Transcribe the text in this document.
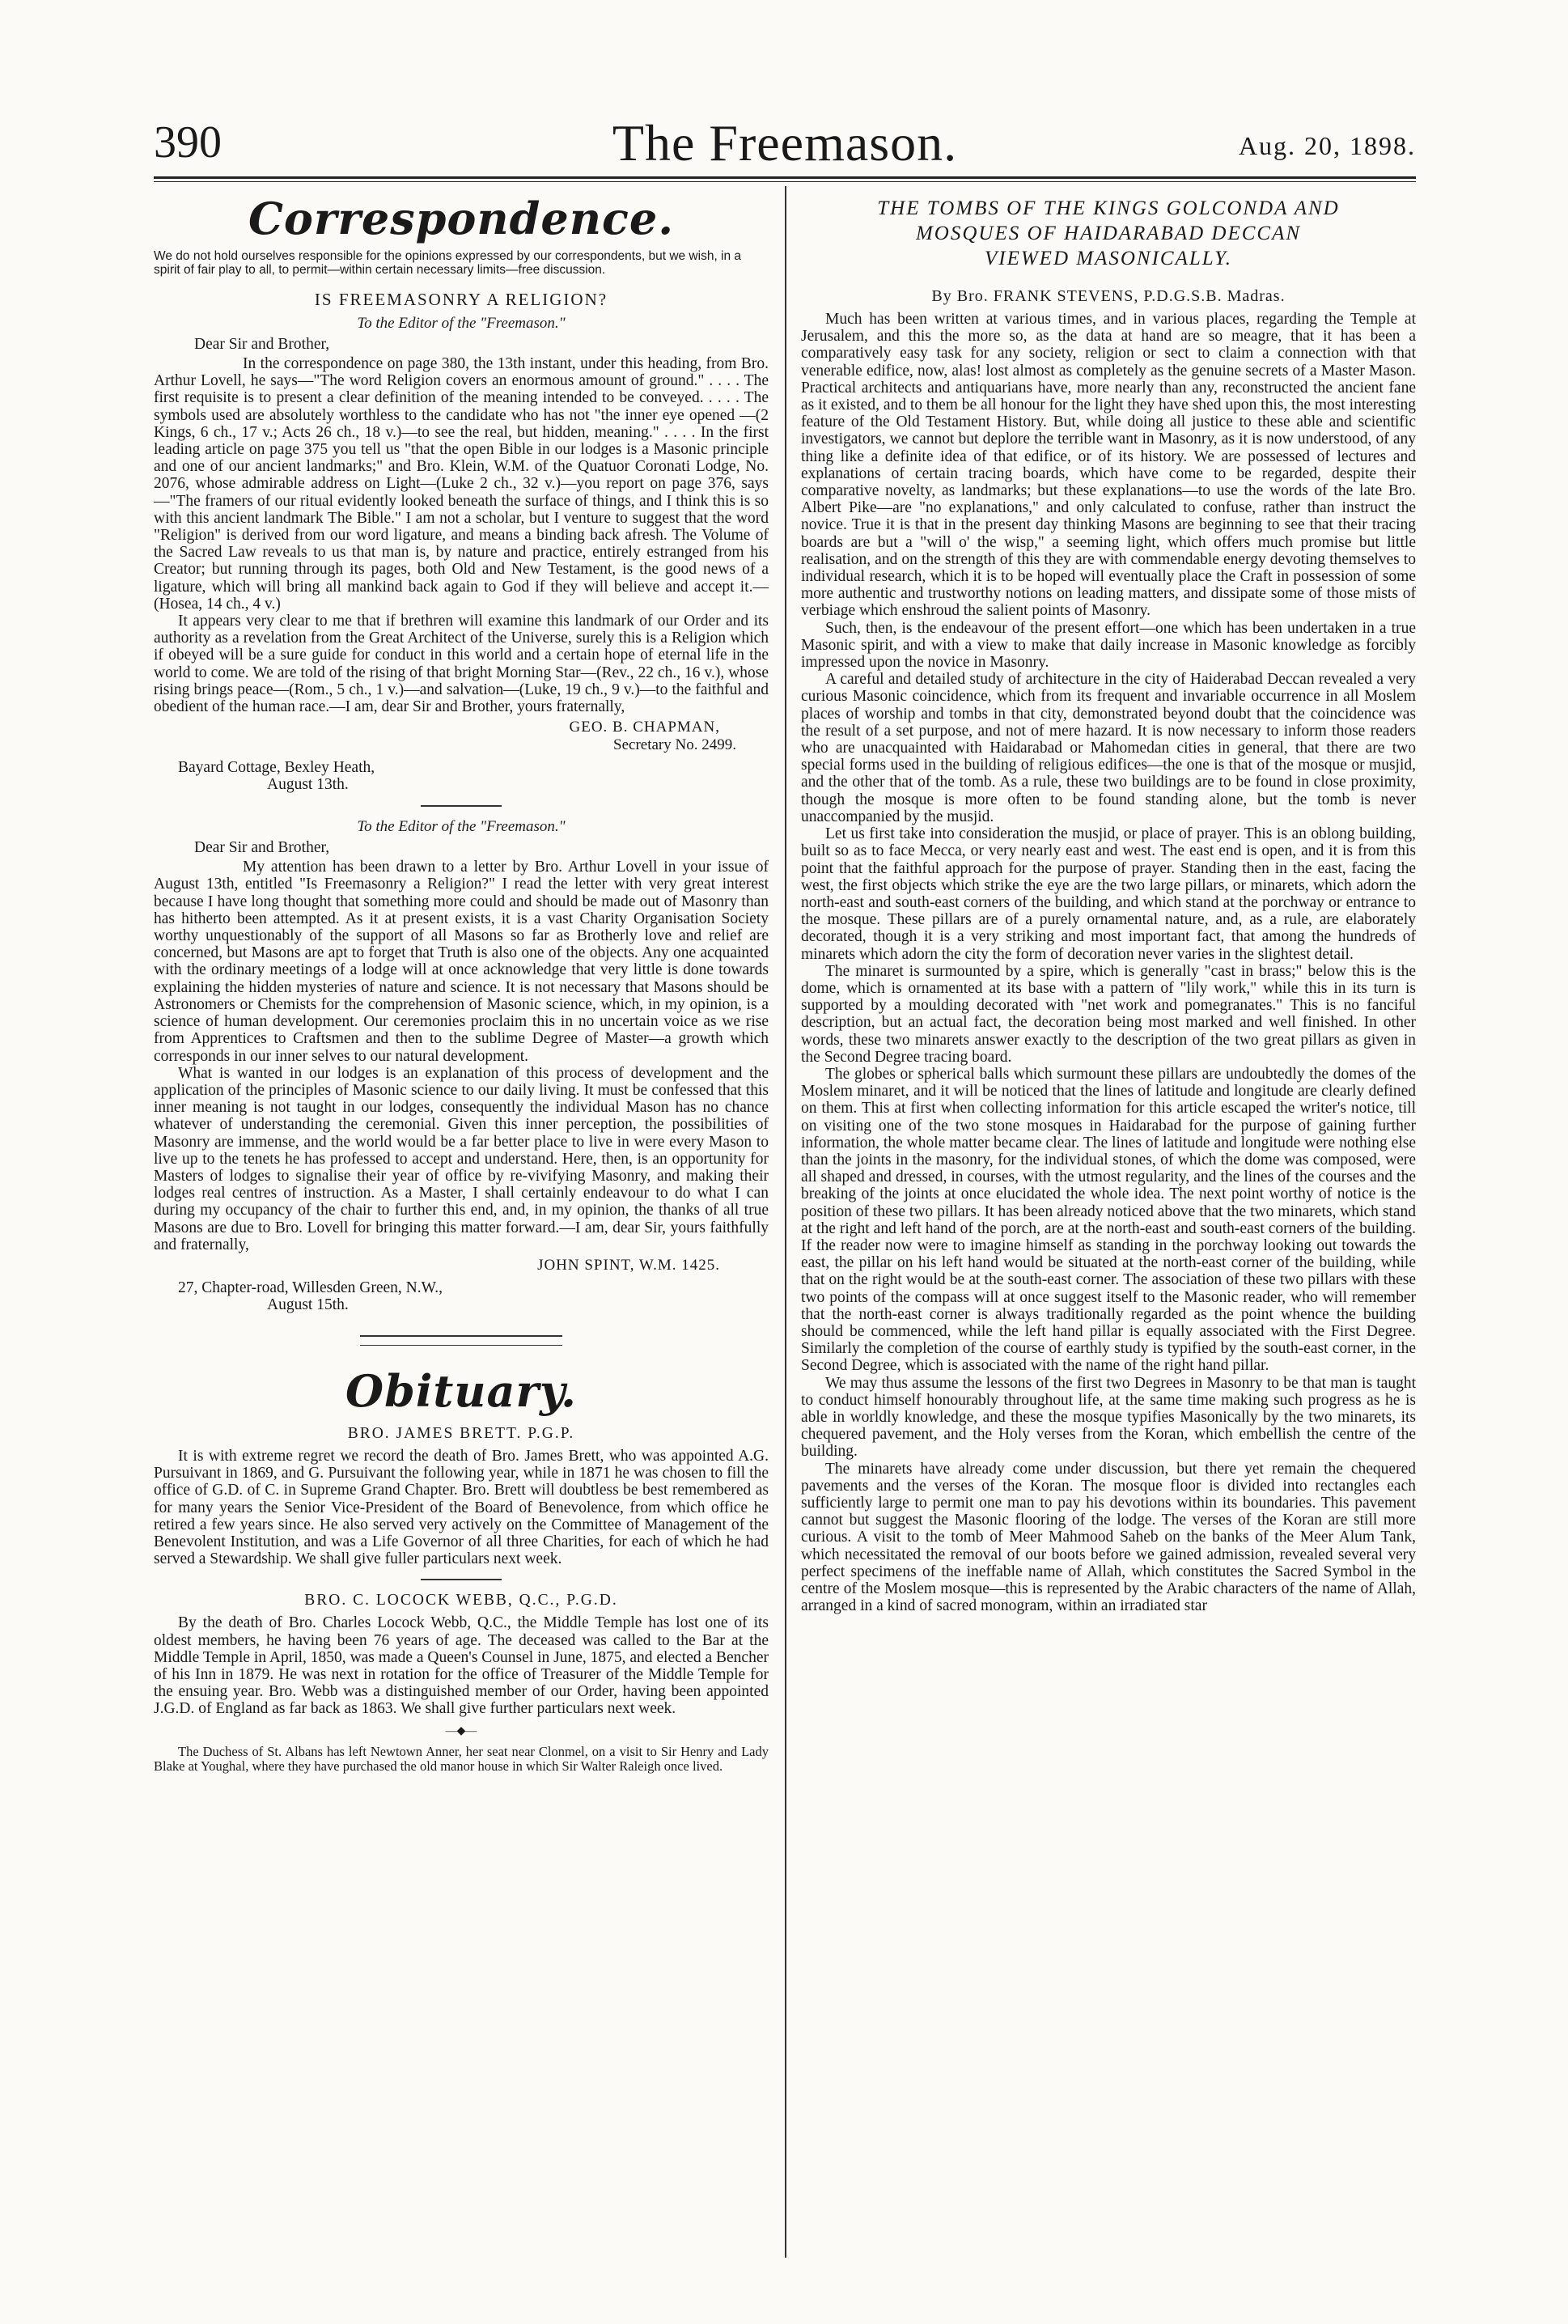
The Freemason.
390	Aug. 20, 1898.
Correspondence.
We do not hold ourselves responsible for the opinions expressed by our correspondents, but we wish, in a spirit of fair play to all, to permit—within certain necessary limits—free discussion.
IS FREEMASONRY A RELIGION?
To the Editor of the "Freemason."
Dear Sir and Brother,

In the correspondence on page 380, the 13th instant, under this heading, from Bro. Arthur Lovell, he says—"The word Religion covers an enormous amount of ground." . . . . The first requisite is to present a clear definition of the meaning intended to be conveyed. . . . . The symbols used are absolutely worthless to the candidate who has not "the inner eye opened —(2 Kings, 6 ch., 17 v.; Acts 26 ch., 18 v.)—to see the real, but hidden, meaning." . . . . In the first leading article on page 375 you tell us "that the open Bible in our lodges is a Masonic principle and one of our ancient landmarks;" and Bro. Klein, W.M. of the Quatuor Coronati Lodge, No. 2076, whose admirable address on Light—(Luke 2 ch., 32 v.)—you report on page 376, says—"The framers of our ritual evidently looked beneath the surface of things, and I think this is so with this ancient landmark The Bible." I am not a scholar, but I venture to suggest that the word "Religion" is derived from our word ligature, and means a binding back afresh. The Volume of the Sacred Law reveals to us that man is, by nature and practice, entirely estranged from his Creator; but running through its pages, both Old and New Testament, is the good news of a ligature, which will bring all mankind back again to God if they will believe and accept it.—(Hosea, 14 ch., 4 v.)

It appears very clear to me that if brethren will examine this landmark of our Order and its authority as a revelation from the Great Architect of the Universe, surely this is a Religion which if obeyed will be a sure guide for conduct in this world and a certain hope of eternal life in the world to come. We are told of the rising of that bright Morning Star—(Rev., 22 ch., 16 v.), whose rising brings peace—(Rom., 5 ch., 1 v.)—and salvation—(Luke, 19 ch., 9 v.)—to the faithful and obedient of the human race.—I am, dear Sir and Brother, yours fraternally,

GEO. B. CHAPMAN,
Secretary No. 2499.
Bayard Cottage, Bexley Heath,
August 13th.
To the Editor of the "Freemason."
Dear Sir and Brother,

My attention has been drawn to a letter by Bro. Arthur Lovell in your issue of August 13th, entitled "Is Freemasonry a Religion?" I read the letter with very great interest because I have long thought that something more could and should be made out of Masonry than has hitherto been attempted. As it at present exists, it is a vast Charity Organisation Society worthy unquestionably of the support of all Masons so far as Brotherly love and relief are concerned, but Masons are apt to forget that Truth is also one of the objects. Any one acquainted with the ordinary meetings of a lodge will at once acknowledge that very little is done towards explaining the hidden mysteries of nature and science. It is not necessary that Masons should be Astronomers or Chemists for the comprehension of Masonic science, which, in my opinion, is a science of human development. Our ceremonies proclaim this in no uncertain voice as we rise from Apprentices to Craftsmen and then to the sublime Degree of Master—a growth which corresponds in our inner selves to our natural development.

What is wanted in our lodges is an explanation of this process of development and the application of the principles of Masonic science to our daily living. It must be confessed that this inner meaning is not taught in our lodges, consequently the individual Mason has no chance whatever of understanding the ceremonial. Given this inner perception, the possibilities of Masonry are immense, and the world would be a far better place to live in were every Mason to live up to the tenets he has professed to accept and understand. Here, then, is an opportunity for Masters of lodges to signalise their year of office by re-vivifying Masonry, and making their lodges real centres of instruction. As a Master, I shall certainly endeavour to do what I can during my occupancy of the chair to further this end, and, in my opinion, the thanks of all true Masons are due to Bro. Lovell for bringing this matter forward.—I am, dear Sir, yours faithfully and fraternally,

JOHN SPINT, W.M. 1425.
27, Chapter-road, Willesden Green, N.W.,
August 15th.
Obituary.
BRO. JAMES BRETT. P.G.P.

It is with extreme regret we record the death of Bro. James Brett, who was appointed A.G. Pursuivant in 1869, and G. Pursuivant the following year, while in 1871 he was chosen to fill the office of G.D. of C. in Supreme Grand Chapter. Bro. Brett will doubtless be best remembered as for many years the Senior Vice-President of the Board of Benevolence, from which office he retired a few years since. He also served very actively on the Committee of Management of the Benevolent Institution, and was a Life Governor of all three Charities, for each of which he had served a Stewardship. We shall give fuller particulars next week.

BRO. C. LOCOCK WEBB, Q.C., P.G.D.

By the death of Bro. Charles Locock Webb, Q.C., the Middle Temple has lost one of its oldest members, he having been 76 years of age. The deceased was called to the Bar at the Middle Temple in April, 1850, was made a Queen's Counsel in June, 1875, and elected a Bencher of his Inn in 1879. He was next in rotation for the office of Treasurer of the Middle Temple for the ensuing year. Bro. Webb was a distinguished member of our Order, having been appointed J.G.D. of England as far back as 1863. We shall give further particulars next week.

—◆—

The Duchess of St. Albans has left Newtown Anner, her seat near Clonmel, on a visit to Sir Henry and Lady Blake at Youghal, where they have purchased the old manor house in which Sir Walter Raleigh once lived.

THE TOMBS OF THE KINGS GOLCONDA AND
MOSQUES OF HAIDARABAD DECCAN
VIEWED MASONICALLY.
By Bro. FRANK STEVENS, P.D.G.S.B. Madras.

Much has been written at various times, and in various places, regarding the Temple at Jerusalem, and this the more so, as the data at hand are so meagre, that it has been a comparatively easy task for any society, religion or sect to claim a connection with that venerable edifice, now, alas! lost almost as completely as the genuine secrets of a Master Mason. Practical architects and antiquarians have, more nearly than any, reconstructed the ancient fane as it existed, and to them be all honour for the light they have shed upon this, the most interesting feature of the Old Testament History. But, while doing all justice to these able and scientific investigators, we cannot but deplore the terrible want in Masonry, as it is now understood, of any thing like a definite idea of that edifice, or of its history. We are possessed of lectures and explanations of certain tracing boards, which have come to be regarded, despite their comparative novelty, as landmarks; but these explanations—to use the words of the late Bro. Albert Pike—are "no explanations," and only calculated to confuse, rather than instruct the novice. True it is that in the present day thinking Masons are beginning to see that their tracing boards are but a "will o' the wisp," a seeming light, which offers much promise but little realisation, and on the strength of this they are with commendable energy devoting themselves to individual research, which it is to be hoped will eventually place the Craft in possession of some more authentic and trustworthy notions on leading matters, and dissipate some of those mists of verbiage which enshroud the salient points of Masonry.

Such, then, is the endeavour of the present effort—one which has been undertaken in a true Masonic spirit, and with a view to make that daily increase in Masonic knowledge as forcibly impressed upon the novice in Masonry.

A careful and detailed study of architecture in the city of Haiderabad Deccan revealed a very curious Masonic coincidence, which from its frequent and invariable occurrence in all Moslem places of worship and tombs in that city, demonstrated beyond doubt that the coincidence was the result of a set purpose, and not of mere hazard. It is now necessary to inform those readers who are unacquainted with Haidarabad or Mahomedan cities in general, that there are two special forms used in the building of religious edifices—the one is that of the mosque or musjid, and the other that of the tomb. As a rule, these two buildings are to be found in close proximity, though the mosque is more often to be found standing alone, but the tomb is never unaccompanied by the musjid.

Let us first take into consideration the musjid, or place of prayer. This is an oblong building, built so as to face Mecca, or very nearly east and west. The east end is open, and it is from this point that the faithful approach for the purpose of prayer. Standing then in the east, facing the west, the first objects which strike the eye are the two large pillars, or minarets, which adorn the north-east and south-east corners of the building, and which stand at the porchway or entrance to the mosque. These pillars are of a purely ornamental nature, and, as a rule, are elaborately decorated, though it is a very striking and most important fact, that among the hundreds of minarets which adorn the city the form of decoration never varies in the slightest detail.

The minaret is surmounted by a spire, which is generally "cast in brass;" below this is the dome, which is ornamented at its base with a pattern of "lily work," while this in its turn is supported by a moulding decorated with "net work and pomegranates." This is no fanciful description, but an actual fact, the decoration being most marked and well finished. In other words, these two minarets answer exactly to the description of the two great pillars as given in the Second Degree tracing board.

The globes or spherical balls which surmount these pillars are undoubtedly the domes of the Moslem minaret, and it will be noticed that the lines of latitude and longitude are clearly defined on them. This at first when collecting information for this article escaped the writer's notice, till on visiting one of the two stone mosques in Haidarabad for the purpose of gaining further information, the whole matter became clear. The lines of latitude and longitude were nothing else than the joints in the masonry, for the individual stones, of which the dome was composed, were all shaped and dressed, in courses, with the utmost regularity, and the lines of the courses and the breaking of the joints at once elucidated the whole idea. The next point worthy of notice is the position of these two pillars. It has been already noticed above that the two minarets, which stand at the right and left hand of the porch, are at the north-east and south-east corners of the building. If the reader now were to imagine himself as standing in the porchway looking out towards the east, the pillar on his left hand would be situated at the north-east corner of the building, while that on the right would be at the south-east corner. The association of these two pillars with these two points of the compass will at once suggest itself to the Masonic reader, who will remember that the north-east corner is always traditionally regarded as the point whence the building should be commenced, while the left hand pillar is equally associated with the First Degree. Similarly the completion of the course of earthly study is typified by the south-east corner, in the Second Degree, which is associated with the name of the right hand pillar.

We may thus assume the lessons of the first two Degrees in Masonry to be that man is taught to conduct himself honourably throughout life, at the same time making such progress as he is able in worldly knowledge, and these the mosque typifies Masonically by the two minarets, its chequered pavement, and the Holy verses from the Koran, which embellish the centre of the building.

The minarets have already come under discussion, but there yet remain the chequered pavements and the verses of the Koran. The mosque floor is divided into rectangles each sufficiently large to permit one man to pay his devotions within its boundaries. This pavement cannot but suggest the Masonic flooring of the lodge. The verses of the Koran are still more curious. A visit to the tomb of Meer Mahmood Saheb on the banks of the Meer Alum Tank, which necessitated the removal of our boots before we gained admission, revealed several very perfect specimens of the ineffable name of Allah, which constitutes the Sacred Symbol in the centre of the Moslem mosque—this is represented by the Arabic characters of the name of Allah, arranged in a kind of sacred monogram, within an irradiated star
